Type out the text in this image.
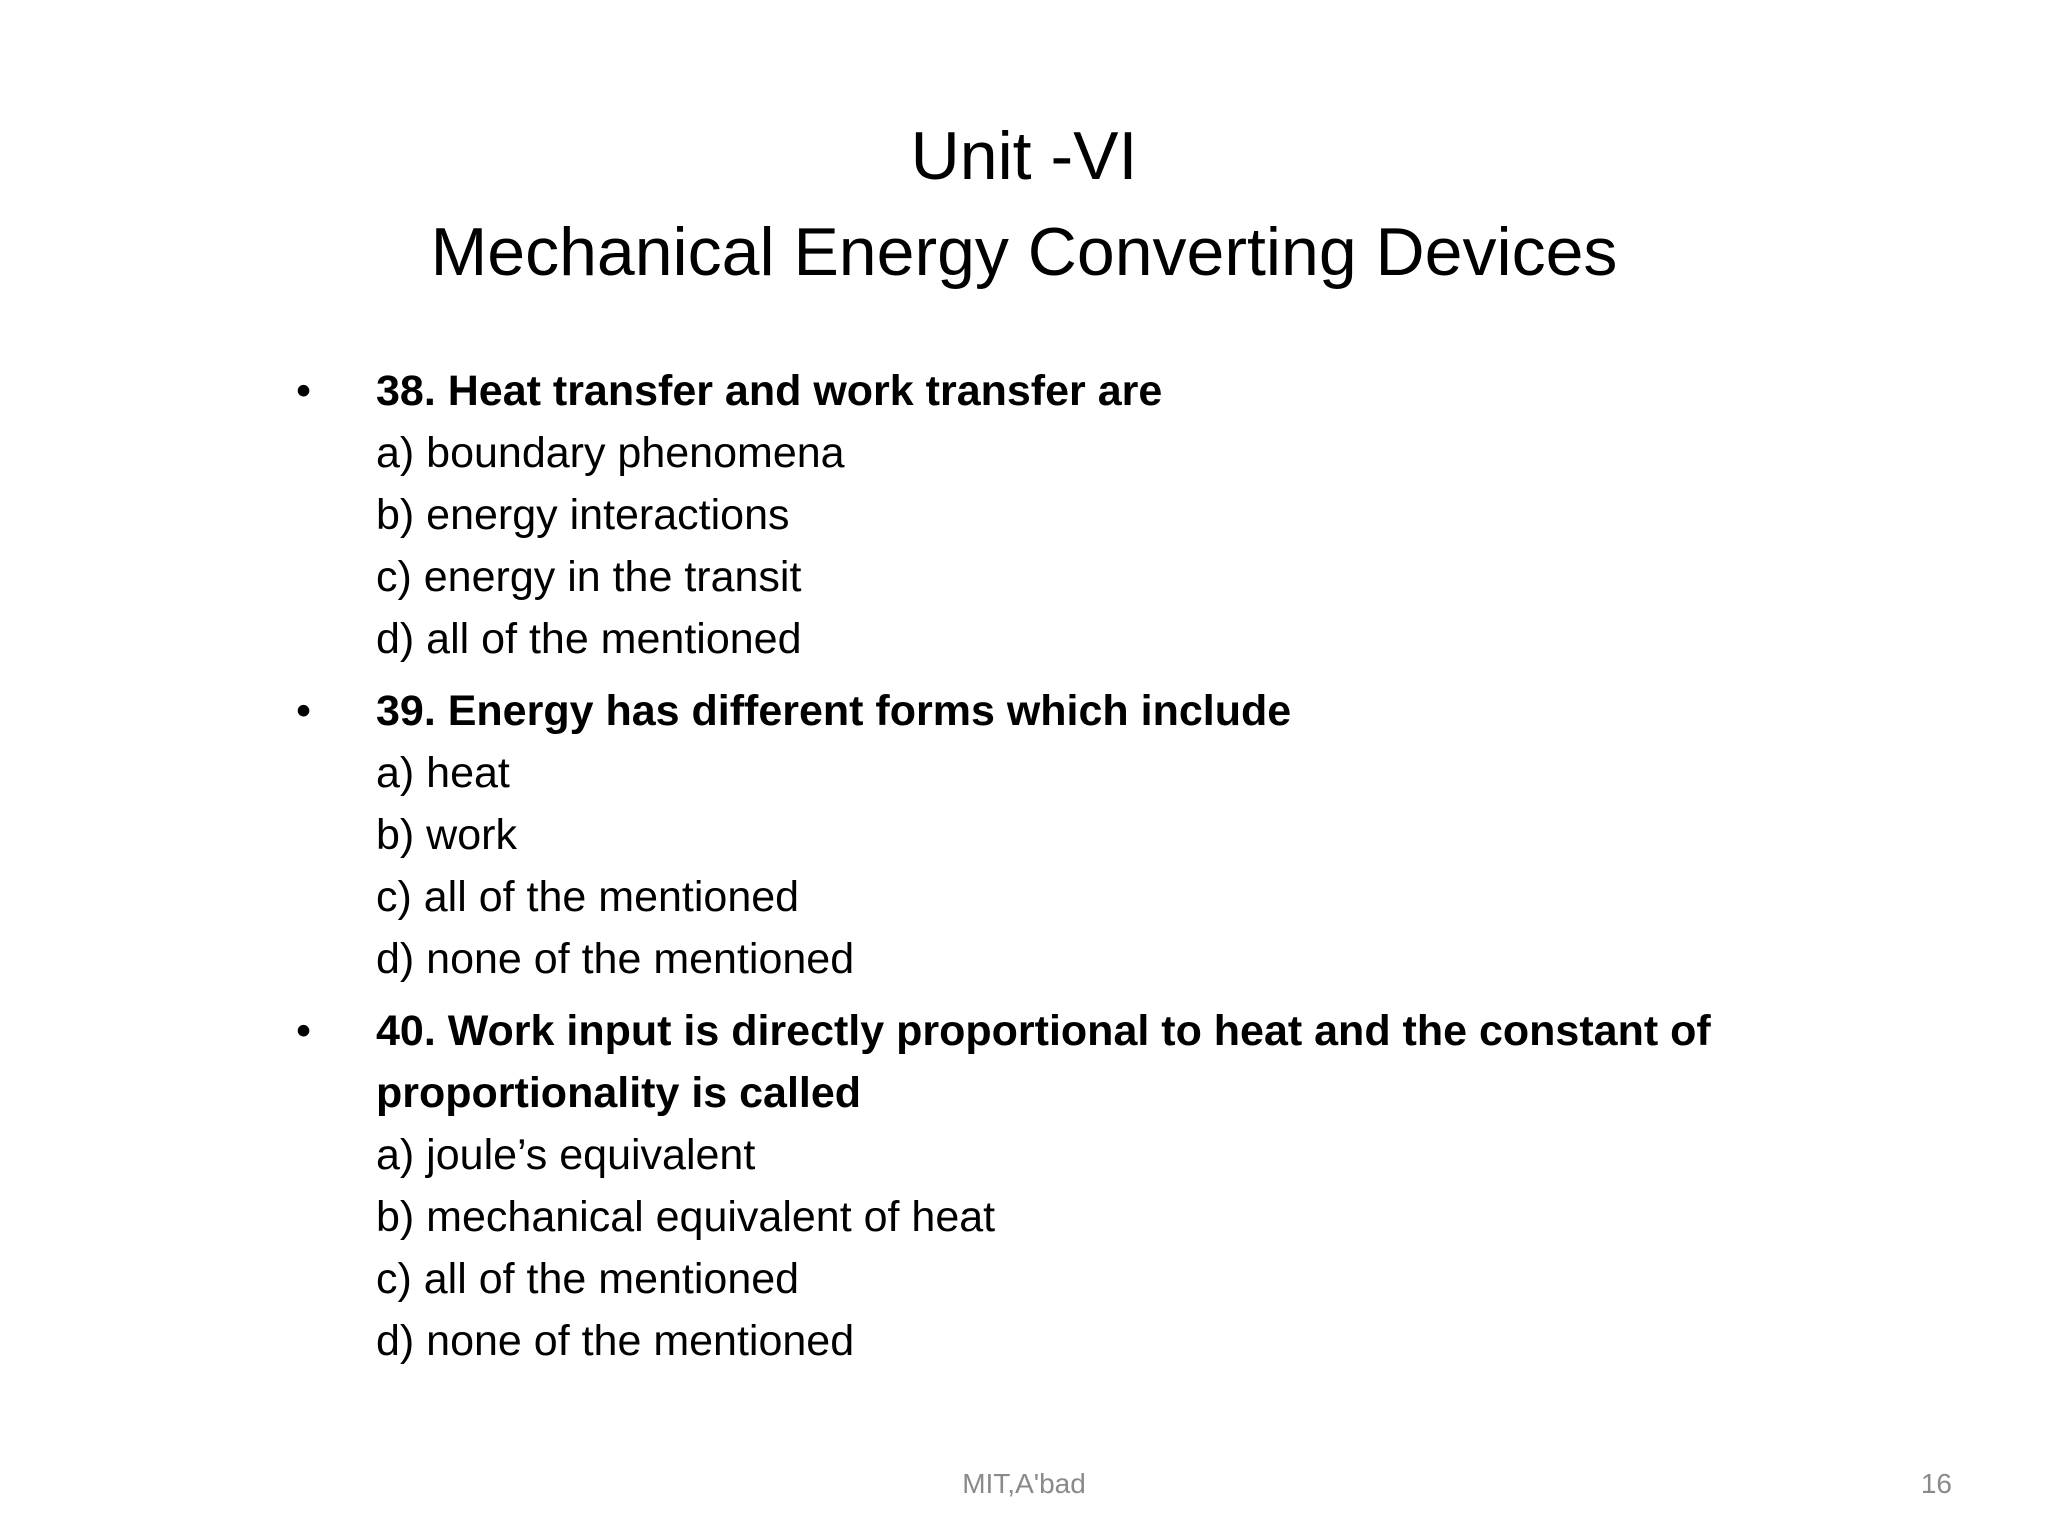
Unit -VI
Mechanical Energy Converting Devices
•	38. Heat transfer and work transfer are
a) boundary phenomena
b) energy interactions
c) energy in the transit
d) all of the mentioned
•	39. Energy has different forms which include
a) heat
b) work
c) all of the mentioned
d) none of the mentioned
•	40. Work input is directly proportional to heat and the constant of proportionality is called
a) joule’s equivalent
b) mechanical equivalent of heat
c) all of the mentioned
d) none of the mentioned
MIT,A'bad	16
